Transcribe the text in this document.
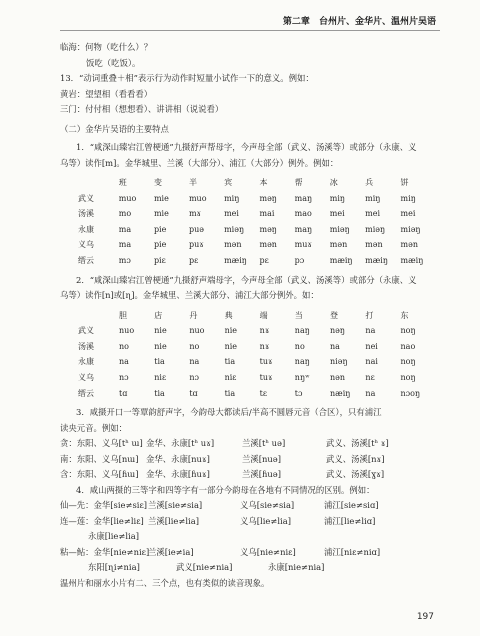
第二章 台州片、金华片、温州片吴语
临海：何物（吃什么）？
饭吃（吃饭）。
13．“动词重叠＋相”表示行为动作时短量小试作一下的意义。例如：
黄岩：望望相（看看看）
三门：付付相（想想看）、讲讲相（说说看）
（二）金华片吴语的主要特点
1．“咸深山臻宕江曾梗通”九摄舒声帮母字，今声母全部（武义、汤溪等）或部分（永康、义
乌等）读作[m]。金华城里、兰溪（大部分）、浦江（大部分）例外。例如：
	班	变	半	宾	本	帮	冰	兵	饼
武义	muo	mie	muo	miŋ	məŋ	maŋ	miŋ	miŋ	miŋ
汤溪	mo	mie	mɤ	mei	mai	mao	mei	mei	mei
永康	ma	pie	puə	miəŋ	məŋ	maŋ	miəŋ	miəŋ	miəŋ
义乌	ma	pie	puɤ	mən	mən	muɤ	mən	mən	mən
缙云	mɔ	piɛ	pɛ	mæiŋ	pɛ	pɔ	mæiŋ	mæiŋ	mæiŋ
2．“咸深山臻宕江曾梗通”九摄舒声端母字，今声母全部（武义、汤溪等）或部分（永康、义
乌等）读作[n]或[ɳ]。金华城里、兰溪大部分、浦江大部分例外。如：
	胆	店	丹	典	端	当	登	打	东
武义	nuo	nie	nuo	nie	nɤ	naŋ	nəŋ	na	noŋ
汤溪	no	nie	no	nie	nɤ	no	na	nei	nao
永康	na	tia	na	tia	tuɤ	naŋ	niəŋ	nai	noŋ
义乌	nɔ	niɛ	nɔ	niɛ	tuɤ	nŋʷ	nən	nɛ	noŋ
缙云	tɑ	tia	tɑ	tia	tɛ	tɔ	næiŋ	na	nɔoŋ
3．咸摄开口一等覃韵舒声字，今韵母大都读后/半高不圆唇元音（合区），只有浦江
读央元音。例如：
贪：东阳、义乌[tʰ ɯ] 金华、永康[tʰ uɤ]	兰溪[tʰ uə]	武义、汤溪[tʰ ɤ]
南：东阳、义乌[nɯ] 金华、永康[nuɤ]	兰溪[nuə]	武义、汤溪[nɤ]
含：东阳、义乌[ɦɯ] 金华、永康[ɦuɤ]	兰溪[ɦuə]	武义、汤溪[ɣɤ]
4．咸山两摄的三等字和四等字有一部分今韵母在各地有不同情况的区别。例如：
仙—先：金华[sie≠siɛ]兰溪[sie≠sia]	义乌[sie≠sia]	浦江[sie≠siɑ]
连—莲：金华[lie≠liɛ] 兰溪[lie≠lia]	义乌[lie≠lia]	浦江[lie≠liɑ]
永康[lie≠lia]
粘—鲇：金华[nie≠niɛ]兰溪[ie≠ia]	义乌[nie≠niɛ]	浦江[niɛ≠niɑ]
东阳[ɳi≠nia]	武义[nie≠nia]	永康[nie≠nia]
温州片和丽水小片有二、三个点，也有类似的读音现象。
197
